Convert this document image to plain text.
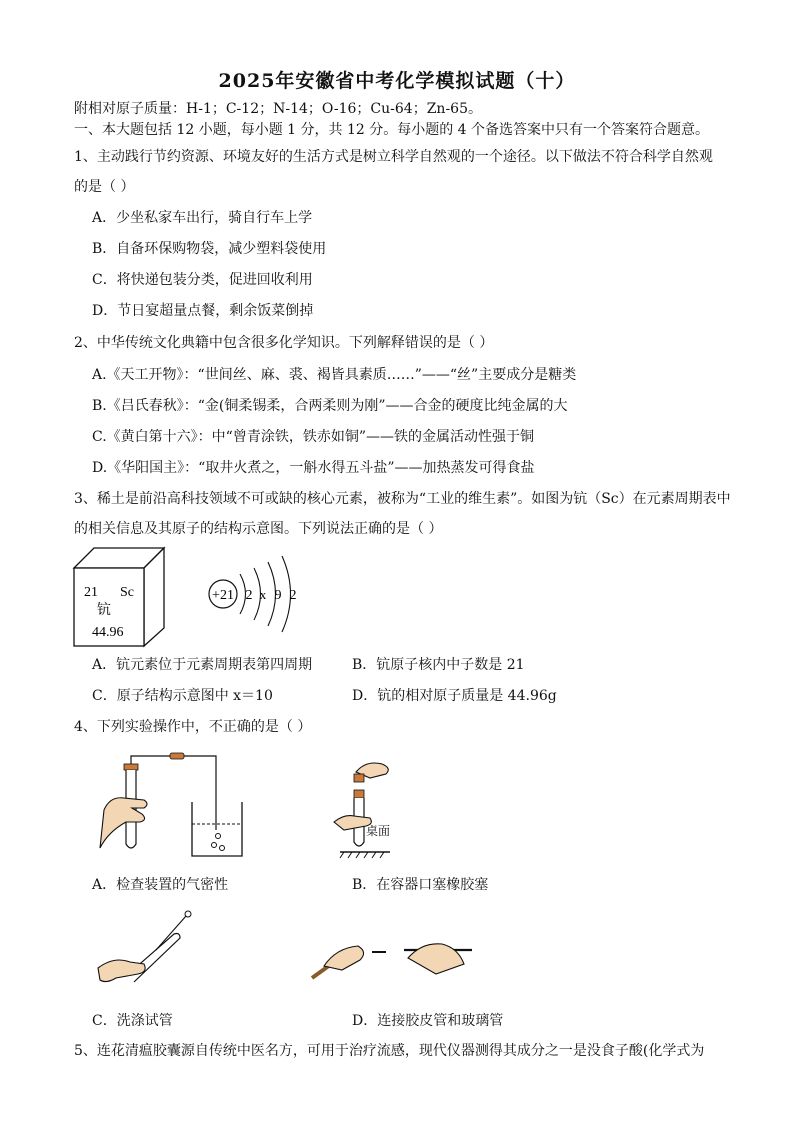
2025年安徽省中考化学模拟试题（十）
附相对原子质量：H-1；C-12；N-14；O-16；Cu-64；Zn-65。
一、本大题包括 12 小题，每小题 1 分，共 12 分。每小题的 4 个备选答案中只有一个答案符合题意。
1、主动践行节约资源、环境友好的生活方式是树立科学自然观的一个途径。以下做法不符合科学自然观
的是（ ）
A．少坐私家车出行，骑自行车上学
B．自备环保购物袋，减少塑料袋使用
C．将快递包装分类，促进回收利用
D．节日宴超量点餐，剩余饭菜倒掉
2、中华传统文化典籍中包含很多化学知识。下列解释错误的是（ ）
A.《天工开物》：“世间丝、麻、裘、褐皆具素质……”——“丝”主要成分是糖类
B.《吕氏春秋》：“金(铜柔锡柔，合两柔则为刚”——合金的硬度比纯金属的大
C.《黄白第十六》：中“曾青涂铁，铁赤如铜”——铁的金属活动性强于铜
D.《华阳国主》：“取井火煮之，一斛水得五斗盐”——加热蒸发可得食盐
3、稀土是前沿高科技领域不可或缺的核心元素，被称为“工业的维生素”。如图为钪（Sc）在元素周期表中
的相关信息及其原子的结构示意图。下列说法正确的是（ ）
21 Sc
钪
44.96
+21 2 x 9 2
A．钪元素位于元素周期表第四周期	B．钪原子核内中子数是 21
C．原子结构示意图中 x＝10	D．钪的相对原子质量是 44.96g
4、下列实验操作中，不正确的是（ ）
A．检查装置的气密性
桌面
B．在容器口塞橡胶塞
C．洗涤试管	D．连接胶皮管和玻璃管
5、连花清瘟胶囊源自传统中医名方，可用于治疗流感，现代仪器测得其成分之一是没食子酸(化学式为
